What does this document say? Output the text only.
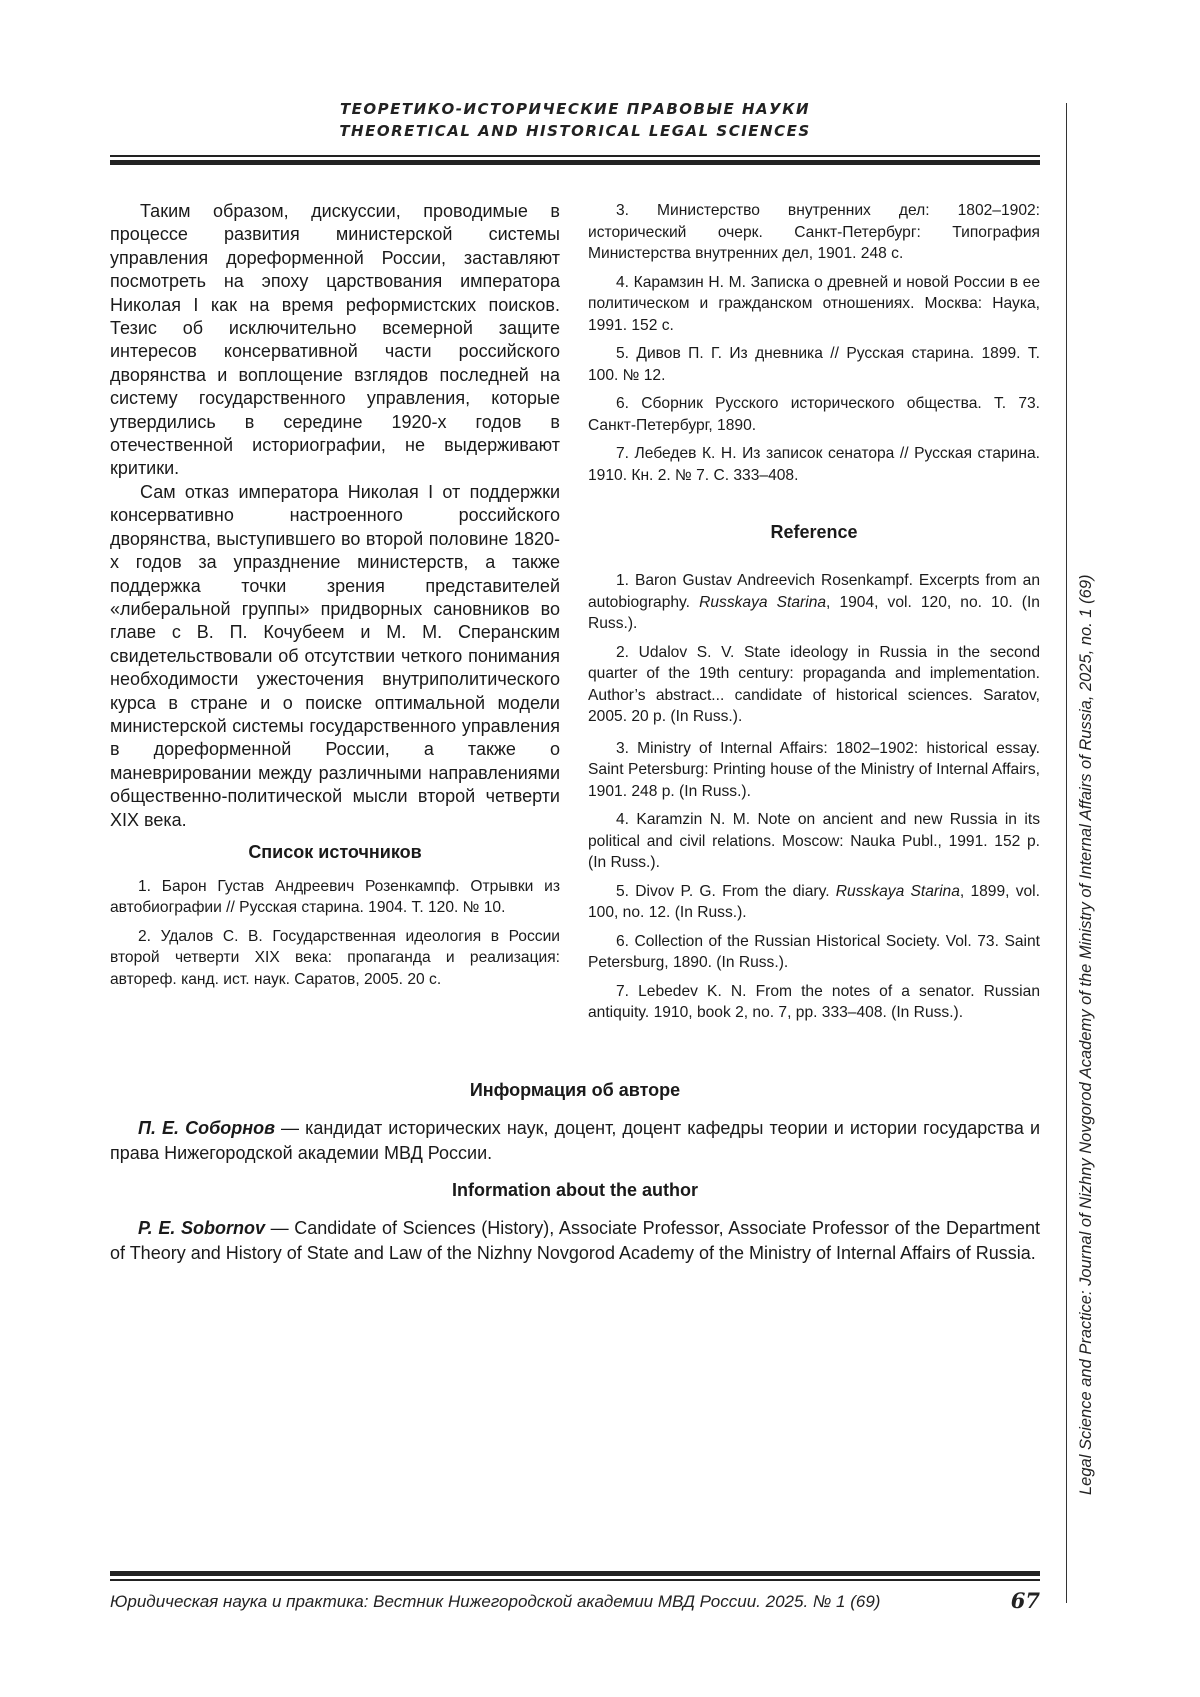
ТЕОРЕТИКО-ИСТОРИЧЕСКИЕ ПРАВОВЫЕ НАУКИ
THEORETICAL AND HISTORICAL LEGAL SCIENCES
Legal Science and Practice: Journal of Nizhny Novgorod Academy of the Ministry of Internal Affairs of Russia, 2025, no. 1 (69)

Таким образом, дискуссии, проводимые в процессе развития министерской системы управления дореформенной России, заставляют посмотреть на эпоху царствования императора Николая I как на время реформистских поисков. Тезис об исключительно всемерной защите интересов консервативной части российского дворянства и воплощение взглядов последней на систему государственного управления, которые утвердились в середине 1920-х годов в отечественной историографии, не выдерживают критики.

Сам отказ императора Николая I от поддержки консервативно настроенного российского дворянства, выступившего во второй половине 1820-х годов за упразднение министерств, а также поддержка точки зрения представителей «либеральной группы» придворных сановников во главе с В. П. Кочубеем и М. М. Сперанским свидетельствовали об отсутствии четкого понимания необходимости ужесточения внутриполитического курса в стране и о поиске оптимальной модели министерской системы государственного управления в дореформенной России, а также о маневрировании между различными направлениями общественно-политической мысли второй четверти XIX века.

Список источников

1. Барон Густав Андреевич Розенкампф. Отрывки из автобиографии // Русская старина. 1904. Т. 120. № 10.

2. Удалов С. В. Государственная идеология в России второй четверти XIX века: пропаганда и реализация: автореф. канд. ист. наук. Саратов, 2005. 20 с.

3. Министерство внутренних дел: 1802–1902: исторический очерк. Санкт-Петербург: Типография Министерства внутренних дел, 1901. 248 с.

4. Карамзин Н. М. Записка о древней и новой России в ее политическом и гражданском отношениях. Москва: Наука, 1991. 152 с.

5. Дивов П. Г. Из дневника // Русская старина. 1899. Т. 100. № 12.

6. Сборник Русского исторического общества. Т. 73. Санкт-Петербург, 1890.

7. Лебедев К. Н. Из записок сенатора // Русская старина. 1910. Кн. 2. № 7. С. 333–408.

Reference

1. Baron Gustav Andreevich Rosenkampf. Excerpts from an autobiography. Russkaya Starina, 1904, vol. 120, no. 10. (In Russ.).

2. Udalov S. V. State ideology in Russia in the second quarter of the 19th century: propaganda and implementation. Author’s abstract... candidate of historical sciences. Saratov, 2005. 20 p. (In Russ.).

3. Ministry of Internal Affairs: 1802–1902: historical essay. Saint Petersburg: Printing house of the Ministry of Internal Affairs, 1901. 248 p. (In Russ.).

4. Karamzin N. M. Note on ancient and new Russia in its political and civil relations. Moscow: Nauka Publ., 1991. 152 p. (In Russ.).

5. Divov P. G. From the diary. Russkaya Starina, 1899, vol. 100, no. 12. (In Russ.).

6. Collection of the Russian Historical Society. Vol. 73. Saint Petersburg, 1890. (In Russ.).

7. Lebedev K. N. From the notes of a senator. Russian antiquity. 1910, book 2, no. 7, pp. 333–408. (In Russ.).

Информация об авторе

П. Е. Соборнов — кандидат исторических наук, доцент, доцент кафедры теории и истории государства и права Нижегородской академии МВД России.

Information about the author

P. E. Sobornov — Candidate of Sciences (History), Associate Professor, Associate Professor of the Department of Theory and History of State and Law of the Nizhny Novgorod Academy of the Ministry of Internal Affairs of Russia.

Юридическая наука и практика: Вестник Нижегородской академии МВД России. 2025. № 1 (69)	67
